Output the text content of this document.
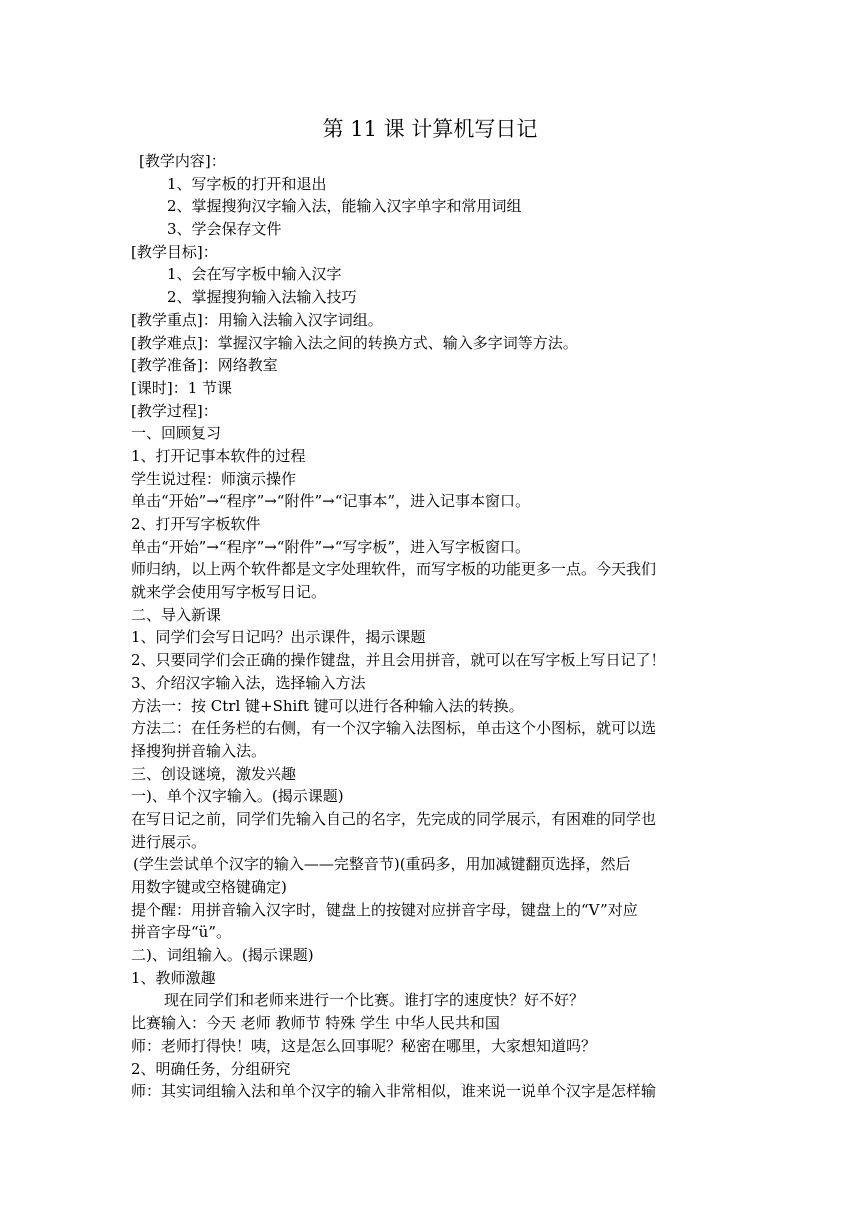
第 11 课 计算机写日记
[教学内容]：
1、写字板的打开和退出
2、掌握搜狗汉字输入法，能输入汉字单字和常用词组
3、学会保存文件
[教学目标]：
1、会在写字板中输入汉字
2、掌握搜狗输入法输入技巧
[教学重点]：用输入法输入汉字词组。
[教学难点]：掌握汉字输入法之间的转换方式、输入多字词等方法。
[教学准备]：网络教室
[课时]：1 节课
[教学过程]：
一、回顾复习
1、打开记事本软件的过程
学生说过程：师演示操作
单击“开始”→“程序”→“附件”→“记事本”，进入记事本窗口。
2、打开写字板软件
单击“开始”→“程序”→“附件”→“写字板”，进入写字板窗口。
师归纳，以上两个软件都是文字处理软件，而写字板的功能更多一点。今天我们
就来学会使用写字板写日记。
二、导入新课
1、同学们会写日记吗？出示课件，揭示课题
2、只要同学们会正确的操作键盘，并且会用拼音，就可以在写字板上写日记了！
3、介绍汉字输入法，选择输入方法
方法一：按 Ctrl 键+Shift 键可以进行各种输入法的转换。
方法二：在任务栏的右侧，有一个汉字输入法图标，单击这个小图标，就可以选
择搜狗拼音输入法。
三、创设谜境，激发兴趣
一)、单个汉字输入。(揭示课题)
在写日记之前，同学们先输入自己的名字，先完成的同学展示，有困难的同学也
进行展示。
(学生尝试单个汉字的输入——完整音节)(重码多，用加减键翻页选择，然后
用数字键或空格键确定)
提个醒：用拼音输入汉字时，键盘上的按键对应拼音字母，键盘上的“V”对应
拼音字母“ü”。
二)、词组输入。(揭示课题)
1、教师激趣
现在同学们和老师来进行一个比赛。谁打字的速度快？好不好？
比赛输入：今天 老师 教师节 特殊 学生 中华人民共和国
师：老师打得快！咦，这是怎么回事呢？秘密在哪里，大家想知道吗？
2、明确任务，分组研究
师：其实词组输入法和单个汉字的输入非常相似，谁来说一说单个汉字是怎样输
